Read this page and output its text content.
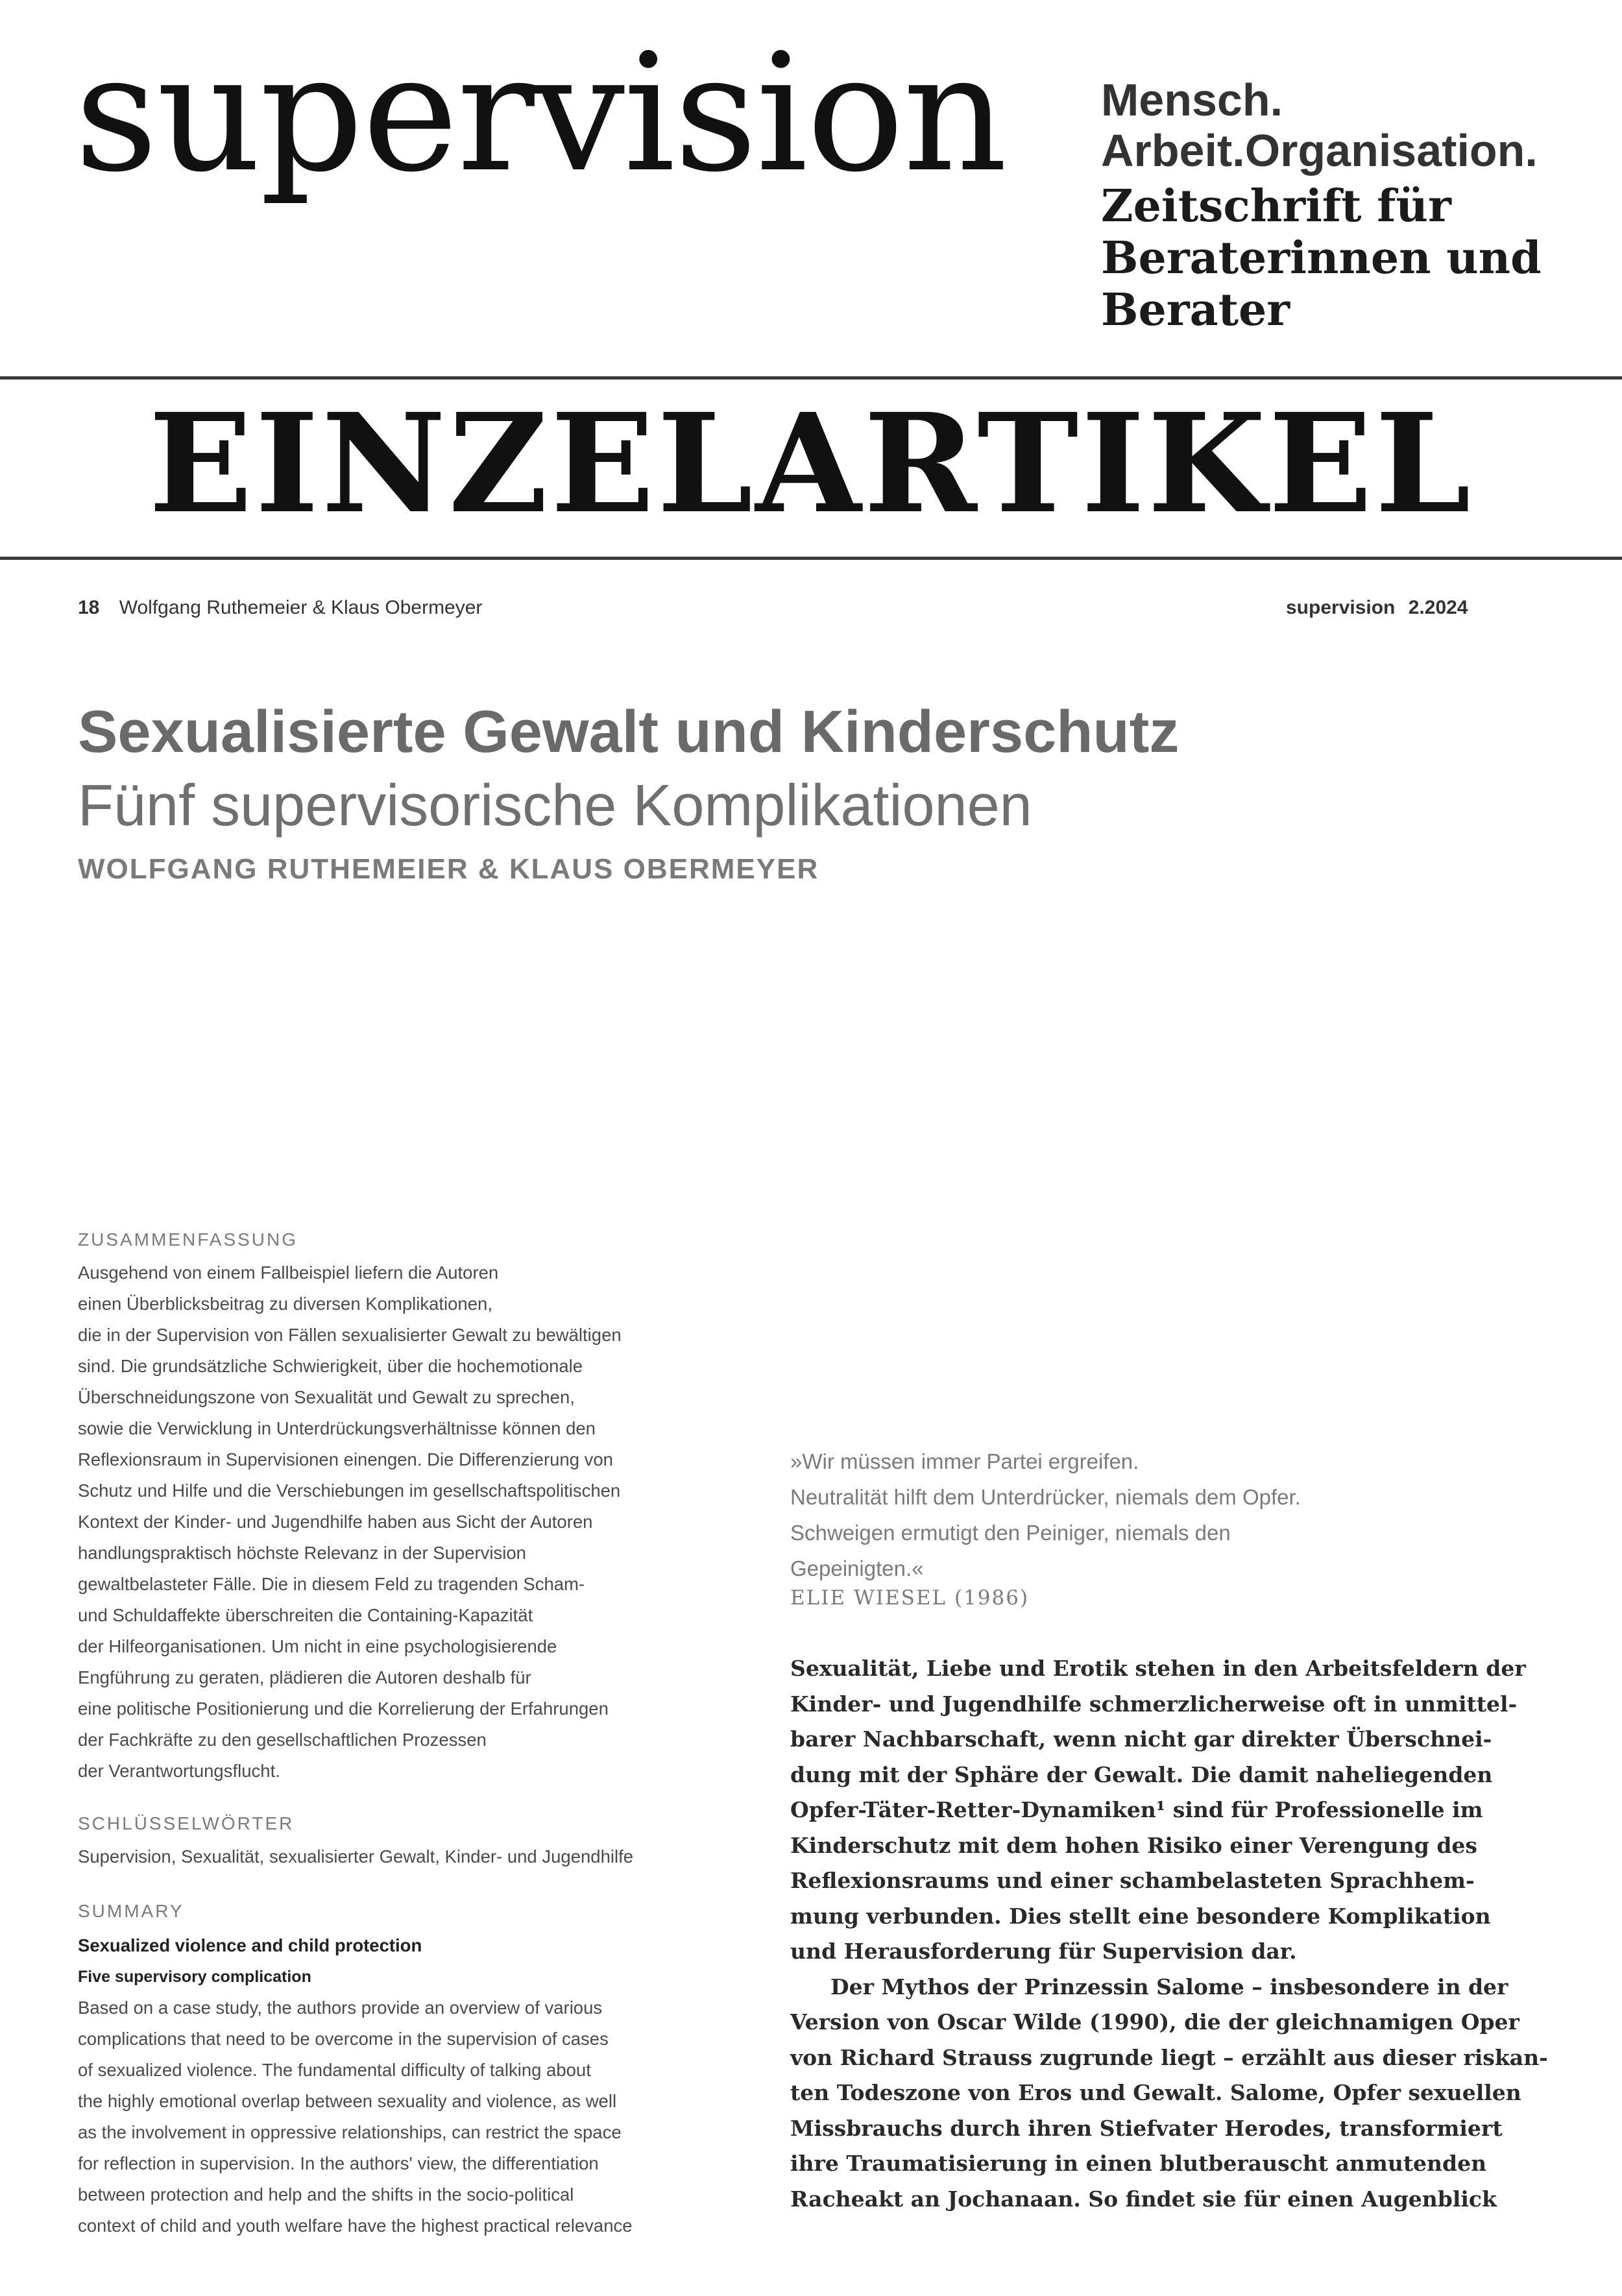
supervision Mensch.
Arbeit.Organisation.
Zeitschrift für
Beraterinnen und
Berater
EINZELARTIKEL
18 Wolfgang Ruthemeier & Klaus Obermeyer	supervision 2.2024
Sexualisierte Gewalt und Kinderschutz
Fünf supervisorische Komplikationen
WOLFGANG RUTHEMEIER & KLAUS OBERMEYER
ZUSAMMENFASSUNG
Ausgehend von einem Fallbeispiel liefern die Autoren
einen Überblicksbeitrag zu diversen Komplikationen,
die in der Supervision von Fällen sexualisierter Gewalt zu bewältigen
sind. Die grundsätzliche Schwierigkeit, über die hochemotionale
Überschneidungszone von Sexualität und Gewalt zu sprechen,
sowie die Verwicklung in Unterdrückungsverhältnisse können den
Reflexionsraum in Supervisionen einengen. Die Differenzierung von
Schutz und Hilfe und die Verschiebungen im gesellschaftspolitischen
Kontext der Kinder- und Jugendhilfe haben aus Sicht der Autoren
handlungspraktisch höchste Relevanz in der Supervision
gewaltbelasteter Fälle. Die in diesem Feld zu tragenden Scham-
und Schuldaffekte überschreiten die Containing-Kapazität
der Hilfeorganisationen. Um nicht in eine psychologisierende
Engführung zu geraten, plädieren die Autoren deshalb für
eine politische Positionierung und die Korrelierung der Erfahrungen
der Fachkräfte zu den gesellschaftlichen Prozessen
der Verantwortungsflucht.
SCHLÜSSELWÖRTER
Supervision, Sexualität, sexualisierter Gewalt, Kinder- und Jugendhilfe
SUMMARY
Sexualized violence and child protection
Five supervisory complication
Based on a case study, the authors provide an overview of various
complications that need to be overcome in the supervision of cases
of sexualized violence. The fundamental difficulty of talking about
the highly emotional overlap between sexuality and violence, as well
as the involvement in oppressive relationships, can restrict the space
for reflection in supervision. In the authors' view, the differentiation
between protection and help and the shifts in the socio-political
context of child and youth welfare have the highest practical relevance
»Wir müssen immer Partei ergreifen.
Neutralität hilft dem Unterdrücker, niemals dem Opfer.
Schweigen ermutigt den Peiniger, niemals den
Gepeinigten.«
ELIE WIESEL (1986)
Sexualität, Liebe und Erotik stehen in den Arbeitsfeldern der
Kinder- und Jugendhilfe schmerzlicherweise oft in unmittel-
barer Nachbarschaft, wenn nicht gar direkter Überschnei-
dung mit der Sphäre der Gewalt. Die damit naheliegenden
Opfer-Täter-Retter-Dynamiken¹ sind für Professionelle im
Kinderschutz mit dem hohen Risiko einer Verengung des
Reflexionsraums und einer schambelasteten Sprachhem-
mung verbunden. Dies stellt eine besondere Komplikation
und Herausforderung für Supervision dar.
Der Mythos der Prinzessin Salome – insbesondere in der
Version von Oscar Wilde (1990), die der gleichnamigen Oper
von Richard Strauss zugrunde liegt – erzählt aus dieser riskan-
ten Todeszone von Eros und Gewalt. Salome, Opfer sexuellen
Missbrauchs durch ihren Stiefvater Herodes, transformiert
ihre Traumatisierung in einen blutberauscht anmutenden
Racheakt an Jochanaan. So findet sie für einen Augenblick
